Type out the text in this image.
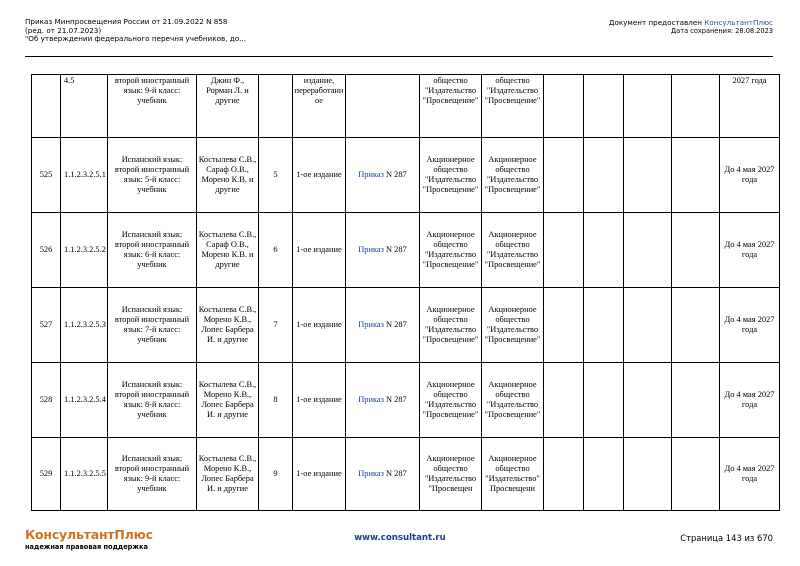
Приказ Минпросвещения России от 21.09.2022 N 858
(ред. от 21.07.2023)
"Об утверждении федерального перечня учебников, до...
Документ предоставлен КонсультантПлюс
Дата сохранения: 28.08.2023
	4.5	второй иностранный язык: 9-й класс: учебник	Джин Ф., Рорман Л. и другие		издание, переработанное		общество "Издательство "Просвещение"	общество "Издательство "Просвещение"					2027 года
525	1.1.2.3.2.5.1	Испанский язык: второй иностранный язык: 5-й класс: учебник	Костылева С.В., Сараф О.В., Морено К.В. и другие	5	1-ое издание	Приказ N 287	Акционерное общество "Издательство "Просвещение"	Акционерное общество "Издательство "Просвещение"					До 4 мая 2027 года
526	1.1.2.3.2.5.2	Испанский язык: второй иностранный язык: 6-й класс: учебник	Костылева С.В., Сараф О.В., Морено К.В. и другие	6	1-ое издание	Приказ N 287	Акционерное общество "Издательство "Просвещение"	Акционерное общество "Издательство "Просвещение"					До 4 мая 2027 года
527	1.1.2.3.2.5.3	Испанский язык: второй иностранный язык: 7-й класс: учебник	Костылева С.В., Морено К.В., Лопес Барбера И. и другие	7	1-ое издание	Приказ N 287	Акционерное общество "Издательство "Просвещение"	Акционерное общество "Издательство "Просвещение"					До 4 мая 2027 года
528	1.1.2.3.2.5.4	Испанский язык: второй иностранный язык: 8-й класс: учебник	Костылева С.В., Морено К.В., Лопес Барбера И. и другие	8	1-ое издание	Приказ N 287	Акционерное общество "Издательство "Просвещение"	Акционерное общество "Издательство "Просвещение"					До 4 мая 2027 года
529	1.1.2.3.2.5.5	Испанский язык: второй иностранный язык: 9-й класс: учебник	Костылева С.В., Морено К.В., Лопес Барбера И. и другие	9	1-ое издание	Приказ N 287	Акционерное общество "Издательство "Просвещен	Акционерное общество "Издательство" Просвещени					До 4 мая 2027 года
КонсультантПлюс
надежная правовая поддержка
www.consultant.ru	Страница 143 из 670
